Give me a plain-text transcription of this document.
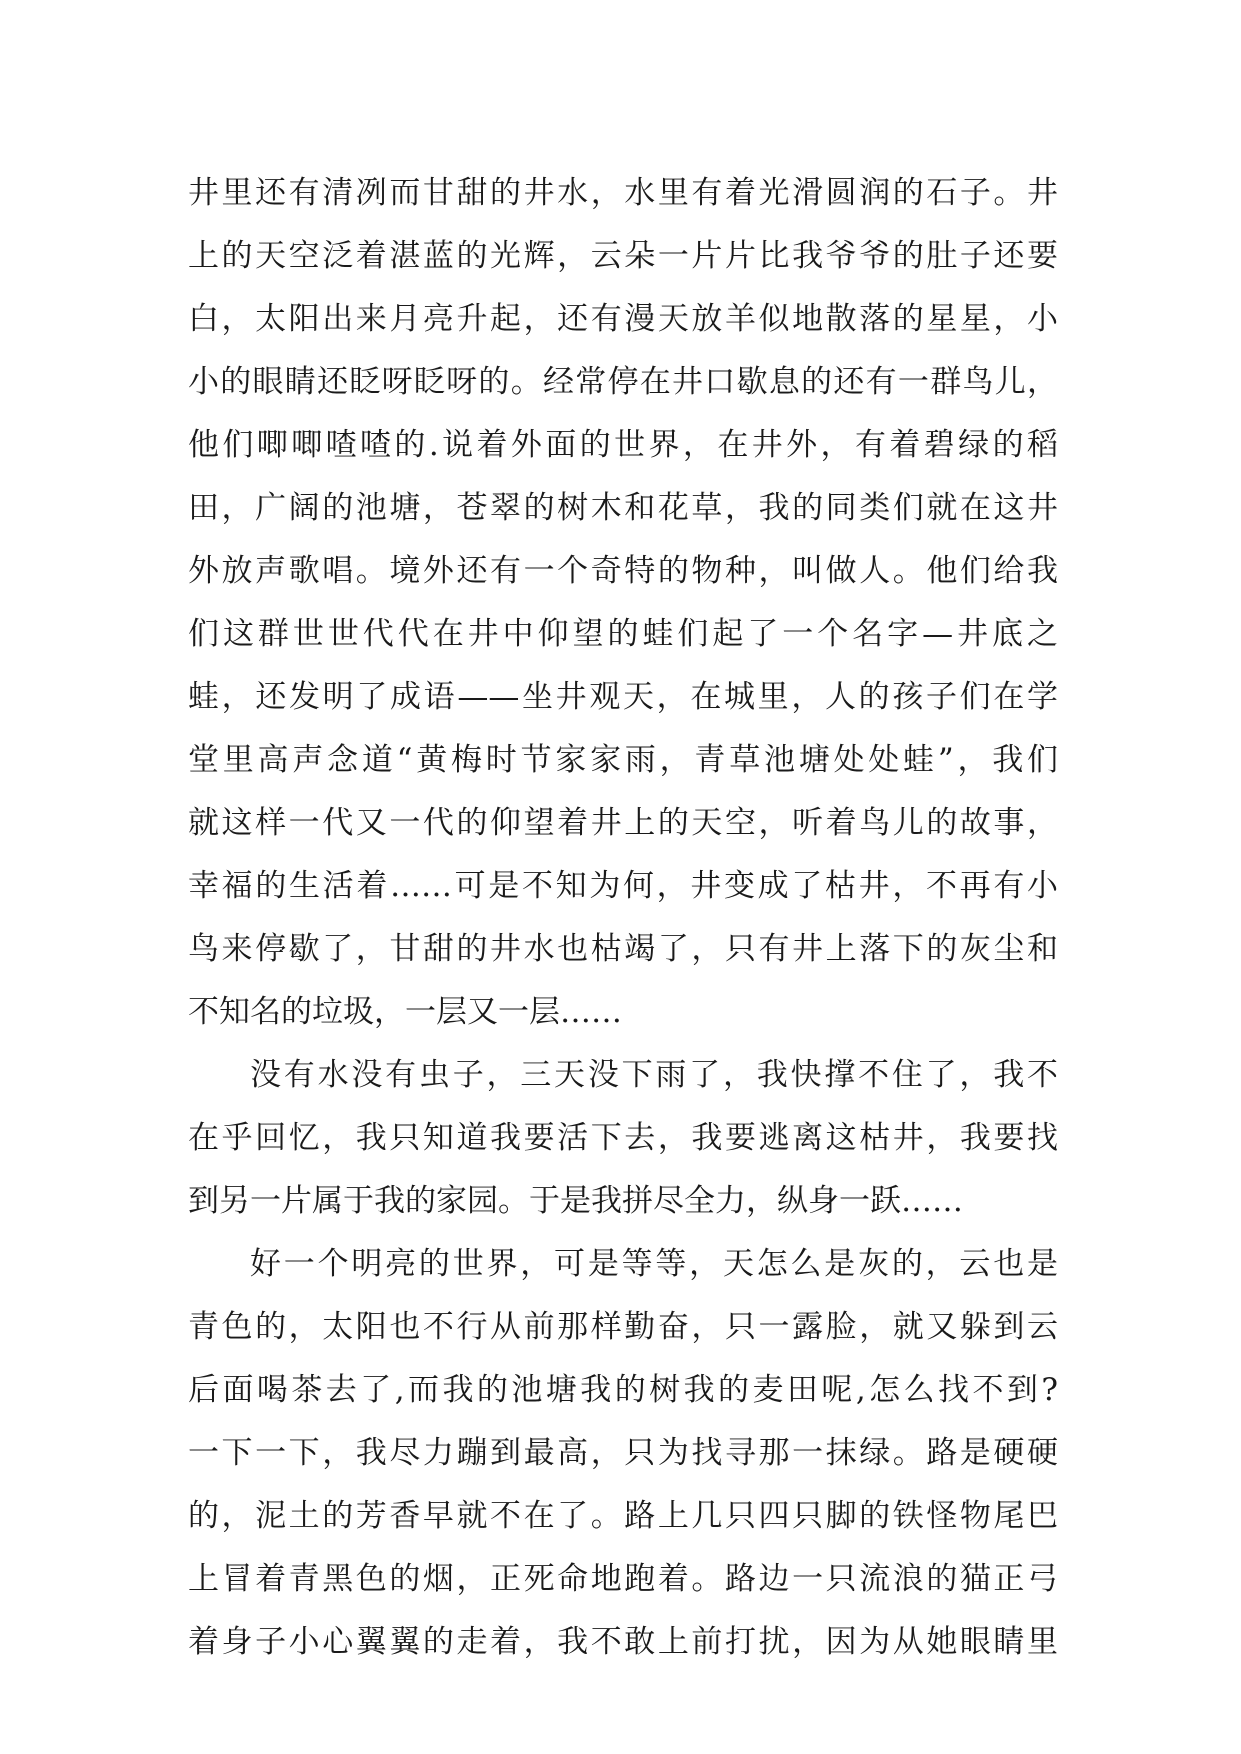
井里还有清冽而甘甜的井水，水里有着光滑圆润的石子。井
上的天空泛着湛蓝的光辉，云朵一片片比我爷爷的肚子还要
白，太阳出来月亮升起，还有漫天放羊似地散落的星星，小
小的眼睛还眨呀眨呀的。经常停在井口歇息的还有一群鸟儿，
他们唧唧喳喳的.说着外面的世界，在井外，有着碧绿的稻
田，广阔的池塘，苍翠的树木和花草，我的同类们就在这井
外放声歌唱。境外还有一个奇特的物种，叫做人。他们给我
们这群世世代代在井中仰望的蛙们起了一个名字—井底之
蛙，还发明了成语——坐井观天，在城里，人的孩子们在学
堂里高声念道“黄梅时节家家雨，青草池塘处处蛙”，我们
就这样一代又一代的仰望着井上的天空，听着鸟儿的故事，
幸福的生活着……可是不知为何，井变成了枯井，不再有小
鸟来停歇了，甘甜的井水也枯竭了，只有井上落下的灰尘和
不知名的垃圾，一层又一层……
没有水没有虫子，三天没下雨了，我快撑不住了，我不
在乎回忆，我只知道我要活下去，我要逃离这枯井，我要找
到另一片属于我的家园。于是我拼尽全力，纵身一跃……
好一个明亮的世界，可是等等，天怎么是灰的，云也是
青色的，太阳也不行从前那样勤奋，只一露脸，就又躲到云
后面喝茶去了,而我的池塘我的树我的麦田呢,怎么找不到?
一下一下，我尽力蹦到最高，只为找寻那一抹绿。路是硬硬
的，泥土的芳香早就不在了。路上几只四只脚的铁怪物尾巴
上冒着青黑色的烟，正死命地跑着。路边一只流浪的猫正弓
着身子小心翼翼的走着，我不敢上前打扰，因为从她眼睛里
